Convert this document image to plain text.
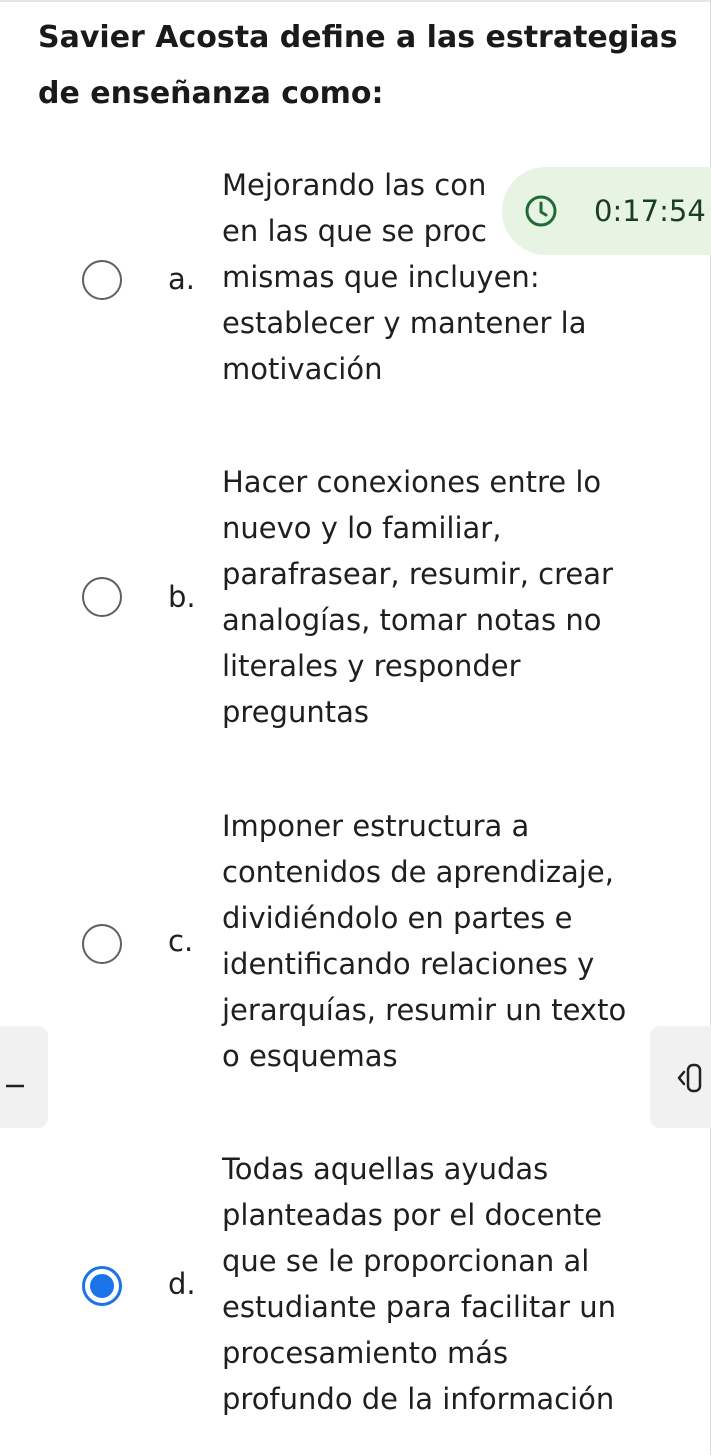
Savier Acosta define a las estrategias de enseñanza como:
Mejorando las con
en las que se proc
mismas que incluyen:
establecer y mantener la
motivación
a.
0:17:54
Hacer conexiones entre lo
nuevo y lo familiar,
parafrasear, resumir, crear
analogías, tomar notas no
literales y responder
preguntas
b.
Imponer estructura a
contenidos de aprendizaje,
dividiéndolo en partes e
identificando relaciones y
jerarquías, resumir un texto
o esquemas
c.
Todas aquellas ayudas
planteadas por el docente
que se le proporcionan al
estudiante para facilitar un
procesamiento más
profundo de la información
d.
